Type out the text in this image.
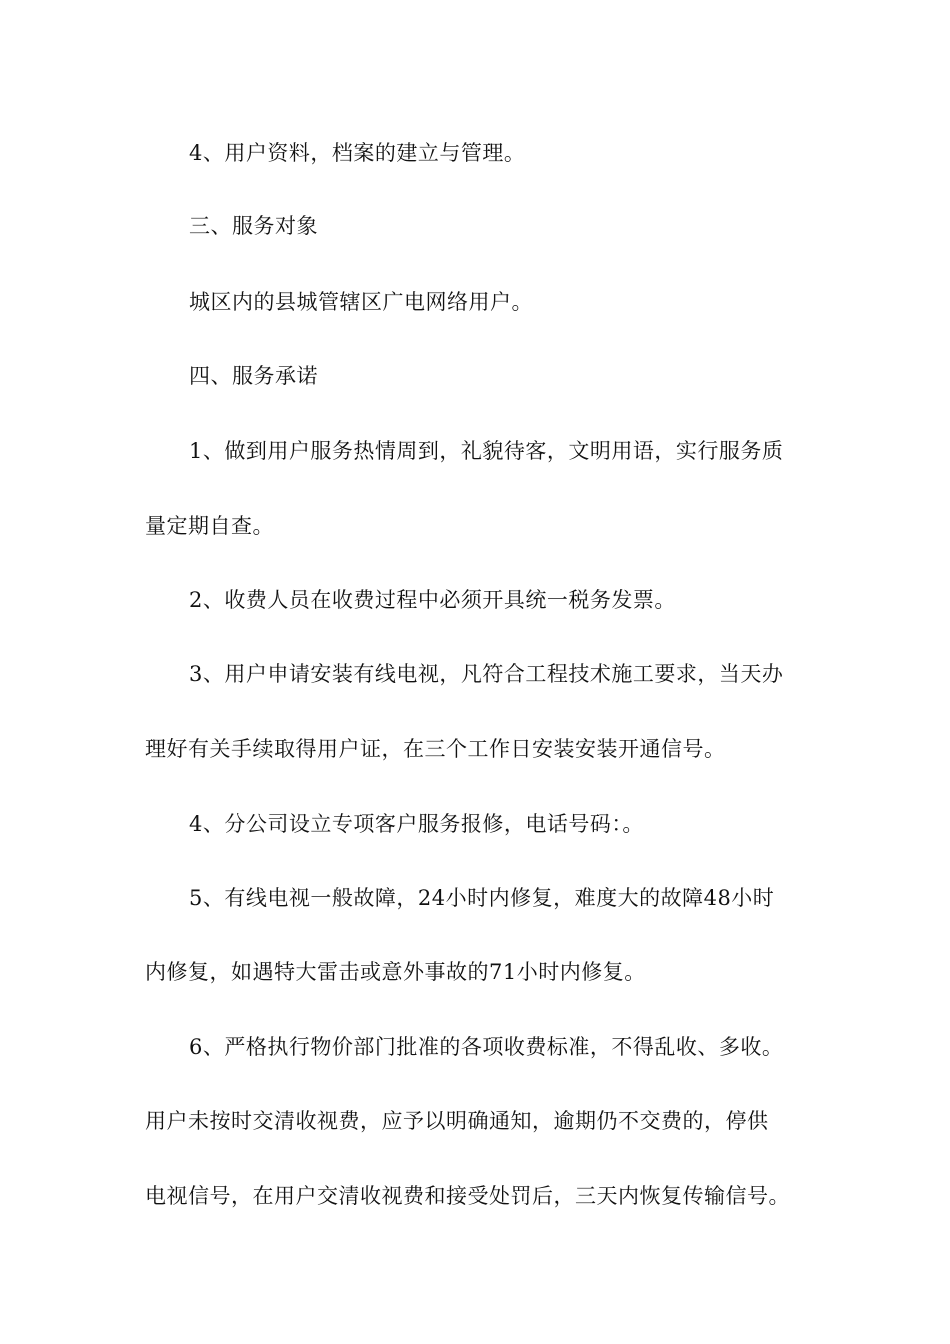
4、用户资料，档案的建立与管理。

三、服务对象

城区内的县城管辖区广电网络用户。

四、服务承诺

1、做到用户服务热情周到，礼貌待客，文明用语，实行服务质

量定期自查。

2、收费人员在收费过程中必须开具统一税务发票。

3、用户申请安装有线电视，凡符合工程技术施工要求，当天办

理好有关手续取得用户证，在三个工作日安装安装开通信号。

4、分公司设立专项客户服务报修，电话号码：。

5、有线电视一般故障，24小时内修复，难度大的故障48小时

内修复，如遇特大雷击或意外事故的71小时内修复。

6、严格执行物价部门批准的各项收费标准，不得乱收、多收。

用户未按时交清收视费，应予以明确通知，逾期仍不交费的，停供

电视信号，在用户交清收视费和接受处罚后，三天内恢复传输信号。
